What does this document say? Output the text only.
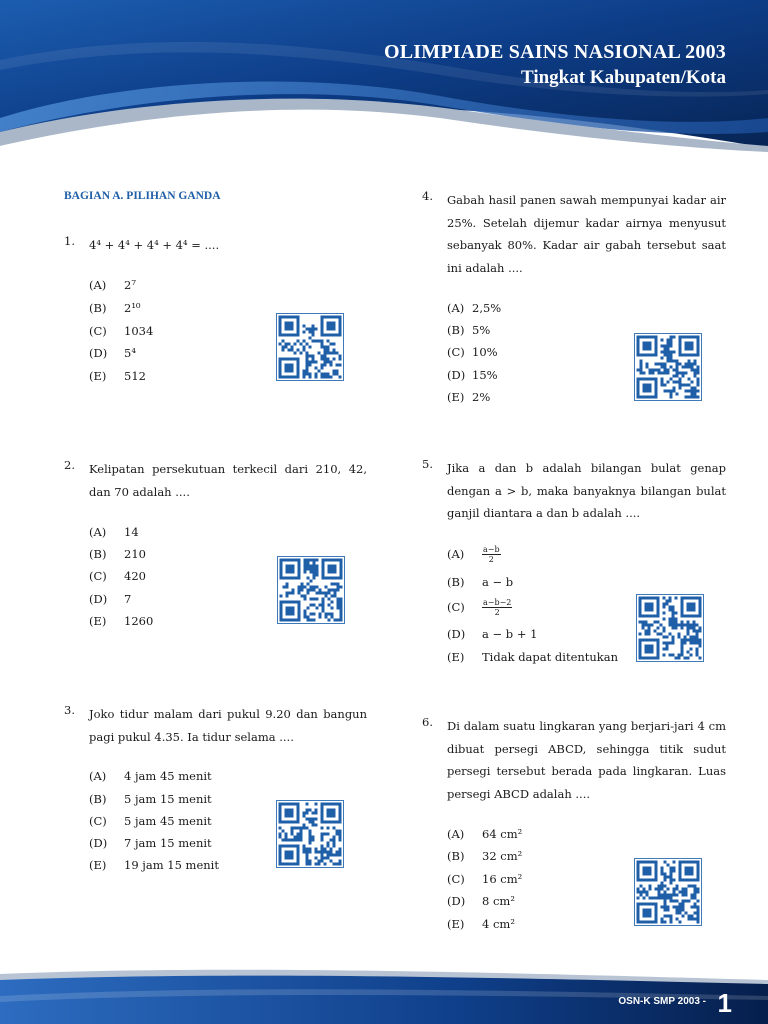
OLIMPIADE SAINS NASIONAL 2003
Tingkat Kabupaten/Kota
BAGIAN A. PILIHAN GANDA
1. 4⁴ + 4⁴ + 4⁴ + 4⁴ = ....
(A) 2⁷
(B) 2¹⁰
(C) 1034
(D) 5⁴
(E) 512
2. Kelipatan persekutuan terkecil dari 210, 42, dan 70 adalah ....
(A) 14
(B) 210
(C) 420
(D) 7
(E) 1260
3. Joko tidur malam dari pukul 9.20 dan bangun pagi pukul 4.35. Ia tidur selama ....
(A) 4 jam 45 menit
(B) 5 jam 15 menit
(C) 5 jam 45 menit
(D) 7 jam 15 menit
(E) 19 jam 15 menit
4. Gabah hasil panen sawah mempunyai kadar air 25%. Setelah dijemur kadar airnya menyusut sebanyak 80%. Kadar air gabah tersebut saat ini adalah ....
(A) 2,5%
(B) 5%
(C) 10%
(D) 15%
(E) 2%
5. Jika a dan b adalah bilangan bulat genap dengan a > b, maka banyaknya bilangan bulat ganjil diantara a dan b adalah ....
$(A) \frac{a-b}{2}$
(B) a − b
$(C) \frac{a-b-2}{2}$
(D) a − b + 1
(E) Tidak dapat ditentukan
6. Di dalam suatu lingkaran yang berjari-jari 4 cm dibuat persegi ABCD, sehingga titik sudut persegi tersebut berada pada lingkaran. Luas persegi ABCD adalah ....
(A) 64 cm²
(B) 32 cm²
(C) 16 cm²
(D) 8 cm²
(E) 4 cm²
OSN-K SMP 2003 - 1
